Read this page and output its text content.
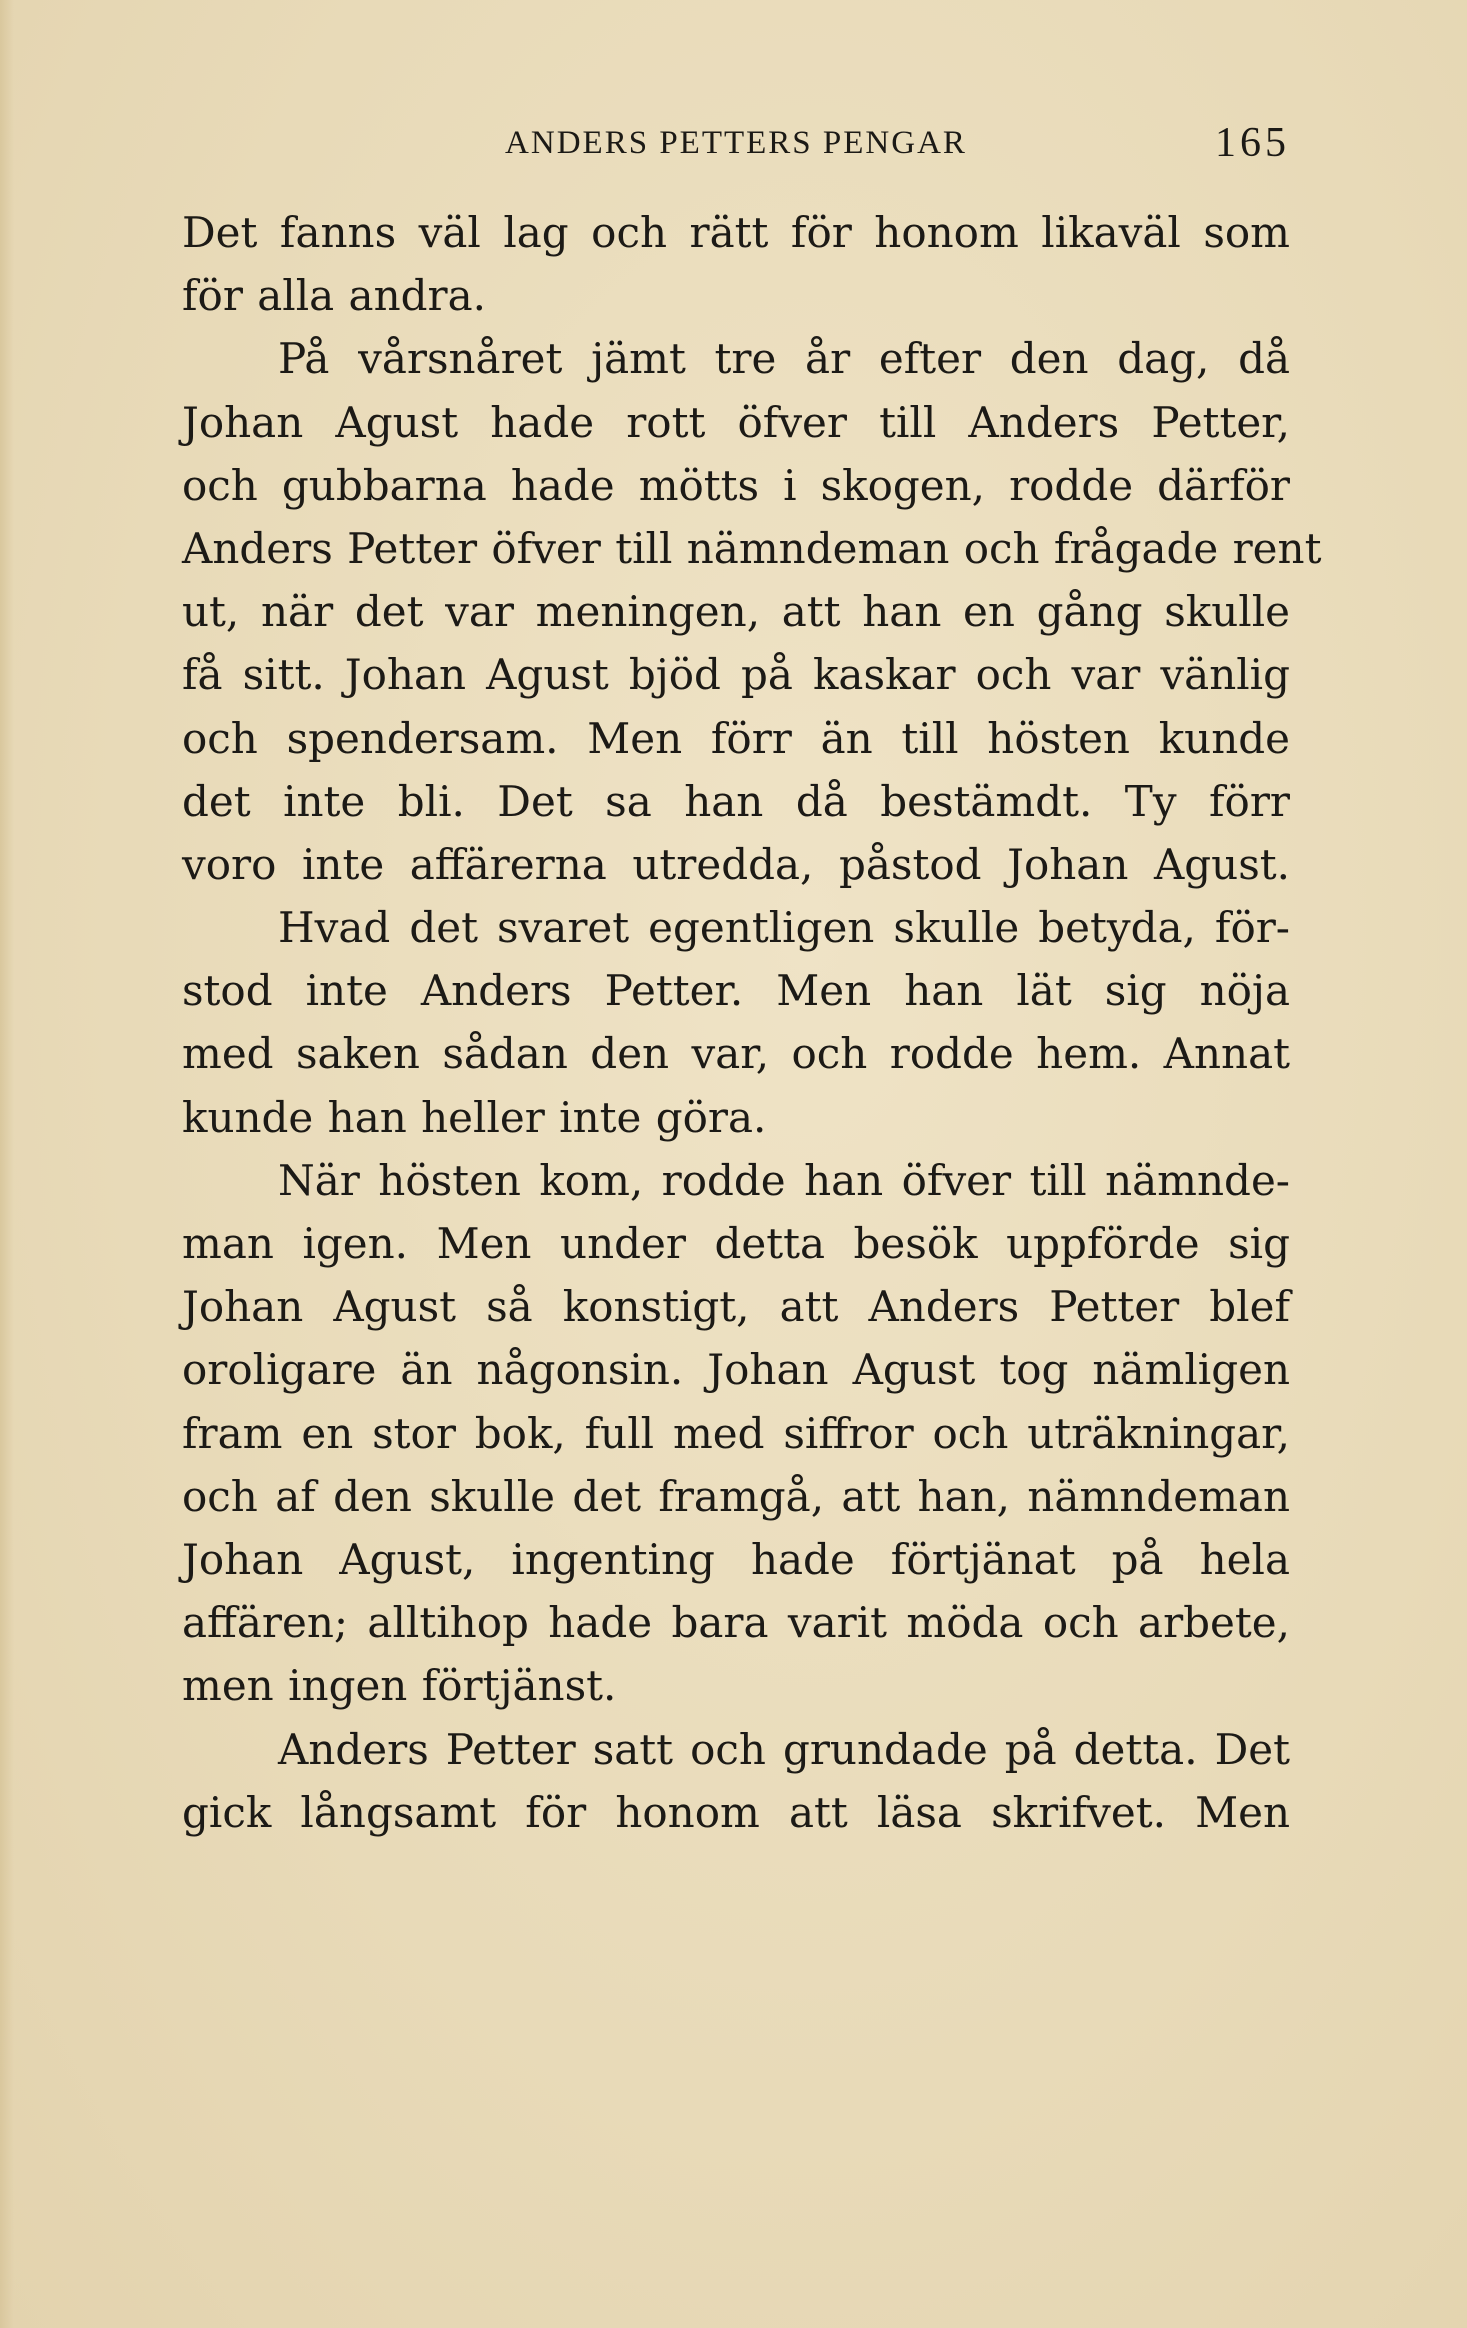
ANDERS PETTERS PENGAR	165
Det fanns väl lag och rätt för honom likaväl som
för alla andra.
På vårsnåret jämt tre år efter den dag, då
Johan Agust hade rott öfver till Anders Petter,
och gubbarna hade mötts i skogen, rodde därför
Anders Petter öfver till nämndeman och frågade rent
ut, när det var meningen, att han en gång skulle
få sitt. Johan Agust bjöd på kaskar och var vänlig
och spendersam. Men förr än till hösten kunde
det inte bli. Det sa han då bestämdt. Ty förr
voro inte affärerna utredda, påstod Johan Agust.
Hvad det svaret egentligen skulle betyda, för-
stod inte Anders Petter. Men han lät sig nöja
med saken sådan den var, och rodde hem. Annat
kunde han heller inte göra.
När hösten kom, rodde han öfver till nämnde-
man igen. Men under detta besök uppförde sig
Johan Agust så konstigt, att Anders Petter blef
oroligare än någonsin. Johan Agust tog nämligen
fram en stor bok, full med siffror och uträkningar,
och af den skulle det framgå, att han, nämndeman
Johan Agust, ingenting hade förtjänat på hela
affären; alltihop hade bara varit möda och arbete,
men ingen förtjänst.
Anders Petter satt och grundade på detta. Det
gick långsamt för honom att läsa skrifvet. Men
